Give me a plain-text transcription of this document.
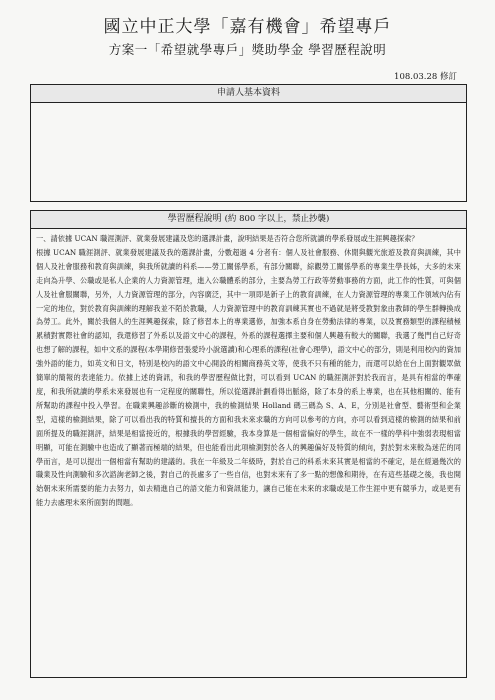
國立中正大學「嘉有機會」希望專戶
方案一「希望就學專戶」獎助學金 學習歷程說明
108.03.28 修訂
申請人基本資料
學習歷程說明 (約 800 字以上，禁止抄襲)

一、請依據 UCAN 職涯測評、就業發展建議及您的選課計畫，說明結果是否符合您所就讀的學系發展或生涯興趣探索？

根據 UCAN 職涯測評、就業發展建議及我的選課計畫，分數超過 4 分者有：個人及社會服務、休閒與觀光旅遊及教育與訓練，其中個人及社會服務和教育與訓練，與我所就讀的科系——勞工關係學系，有部分關聯，綜觀勞工關係學系的專業生學長姊，大多的未來走向為升學、公職或是私人企業的人力資源管理，進入公職體系的部分，主要為勞工行政等勞動事務的方面，此工作的性質，可與個人及社會服關聯，另外，人力資源管理的部分，內容廣泛，其中一項即是新子上的教育訓練，在人力資源管理的專業工作領域內佔有一定的地位，對於教育與訓練的理解我並不陌於教職，人力資源管理中的教育訓練其實也不過就是將受教對象由教師的學生群轉換成為勞工。此外，關於我個人的生涯興趣探索，除了修習本上的專業選修，加強本系自身在勞動法律的專業，以及實務類型的課程積極累積對實際社會的認知，我還修習了外系以及語文中心的課程，外系的課程選擇主要和個人興趣有較大的關聯，我選了幾門自己好奇也想了解的課程，如中文系的課程(本學期修習張愛玲小說選讀)和心理系的課程(社會心理學)，語文中心的部分，則是利用校內的資加強外語的能力，如英文和日文，特別是校內的語文中心開設的相關商務英文等，使我不只有種的能力，而還可以給在台上面對觀眾做簡單的簡報的表達能力。依據上述的資訊，和我的學習歷程做比對，可以看到 UCAN 的職涯測評對於我而言，是具有相當的準確度，和我所就讀的學系未來發展也有一定程度的關聯性，所以從選課計劃看得出脈絡，除了本身的系上專業，也在其他相關的、能有所幫助的課程中投入學習。在職業興趣診斷的檢測中，我的檢測結果 Holland 碼三碼為 S、A、E，分別是社會型、藝術型和企業型，這樣的檢測結果，除了可以看出我的特質和擅長的方面和我未來求職的方向可以參考的方向，亦可以看到這樣的檢測的結果和前面所提及的職涯測評，結果是相當接近的，根據我的學習經驗，我本身算是一個相當偏好的學生，故在不一樣的學科中強弱表現相當明顯，可能在測驗中也造成了顯著而極端的結果，但也能看出此項檢測對於各人的興趣偏好及特質的傾向，對於對未來較為迷茫的同學而言，是可以提出一個相當有幫助的建議的。我在一年級及二年級時，對於自己的科系未來其實是相當的不確定，是在經過幾次的職業及性向測驗和多次諮詢老師之後，對自己的長處多了一些自信，也對未來有了多一點的想像和期待，在有這些基礎之後，我也開始朝未來所需要的能力去努力，如去精進自己的語文能力和資訊能力，讓自己能在未來的求職或是工作生涯中更有競爭力，或是更有能力去處理未來所面對的問題。
